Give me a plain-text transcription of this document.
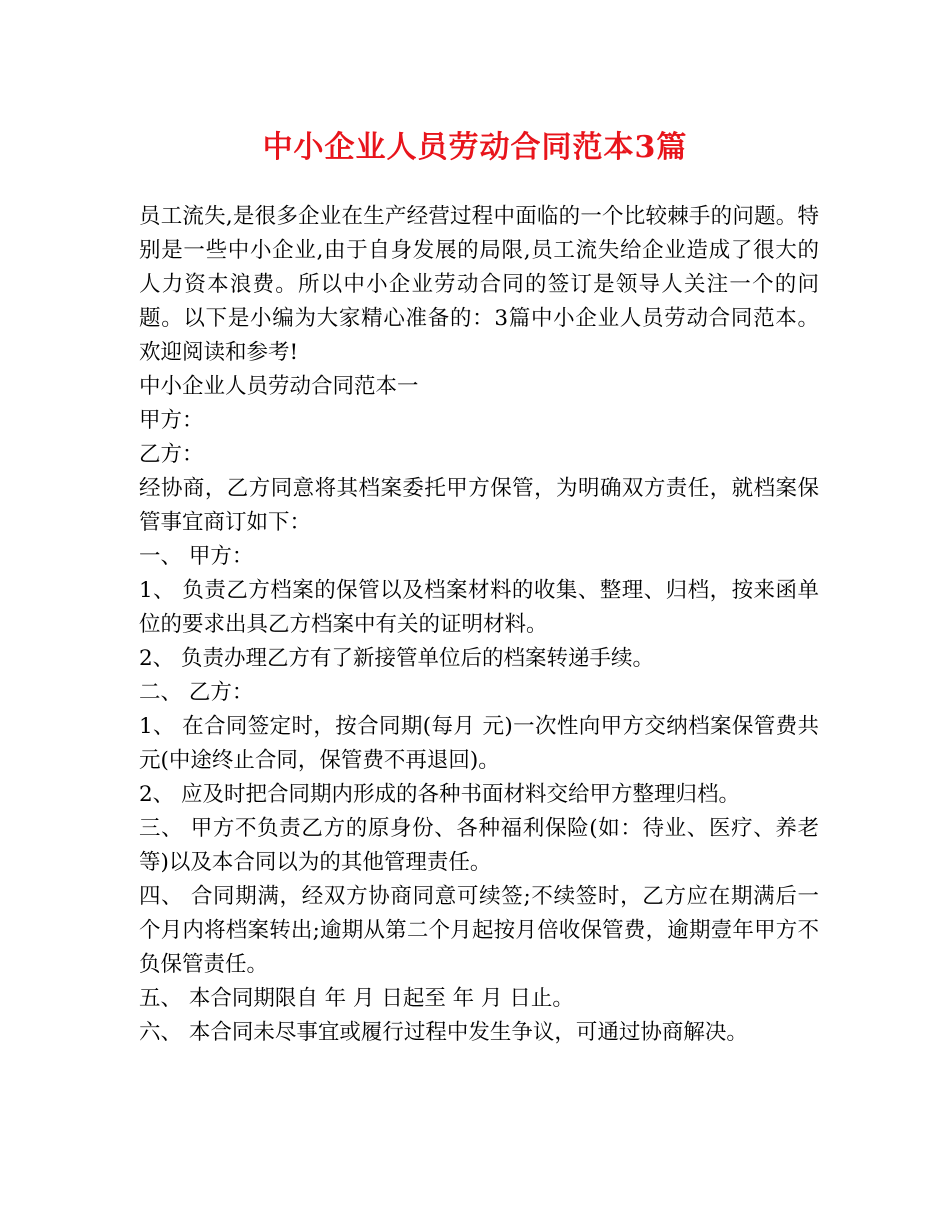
中小企业人员劳动合同范本3篇

员工流失,是很多企业在生产经营过程中面临的一个比较棘手的问题。特别是一些中小企业,由于自身发展的局限,员工流失给企业造成了很大的人力资本浪费。所以中小企业劳动合同的签订是领导人关注一个的问题。以下是小编为大家精心准备的：3篇中小企业人员劳动合同范本。欢迎阅读和参考!

中小企业人员劳动合同范本一

甲方：

乙方：

经协商，乙方同意将其档案委托甲方保管，为明确双方责任，就档案保管事宜商订如下：

一、 甲方：

1、 负责乙方档案的保管以及档案材料的收集、整理、归档，按来函单位的要求出具乙方档案中有关的证明材料。

2、 负责办理乙方有了新接管单位后的档案转递手续。

二、 乙方：

1、 在合同签定时，按合同期(每月 元)一次性向甲方交纳档案保管费共 元(中途终止合同，保管费不再退回)。

2、 应及时把合同期内形成的各种书面材料交给甲方整理归档。

三、 甲方不负责乙方的原身份、各种福利保险(如：待业、医疗、养老等)以及本合同以为的其他管理责任。

四、 合同期满，经双方协商同意可续签;不续签时，乙方应在期满后一个月内将档案转出;逾期从第二个月起按月倍收保管费，逾期壹年甲方不负保管责任。

五、 本合同期限自 年 月 日起至 年 月 日止。

六、 本合同未尽事宜或履行过程中发生争议，可通过协商解决。
